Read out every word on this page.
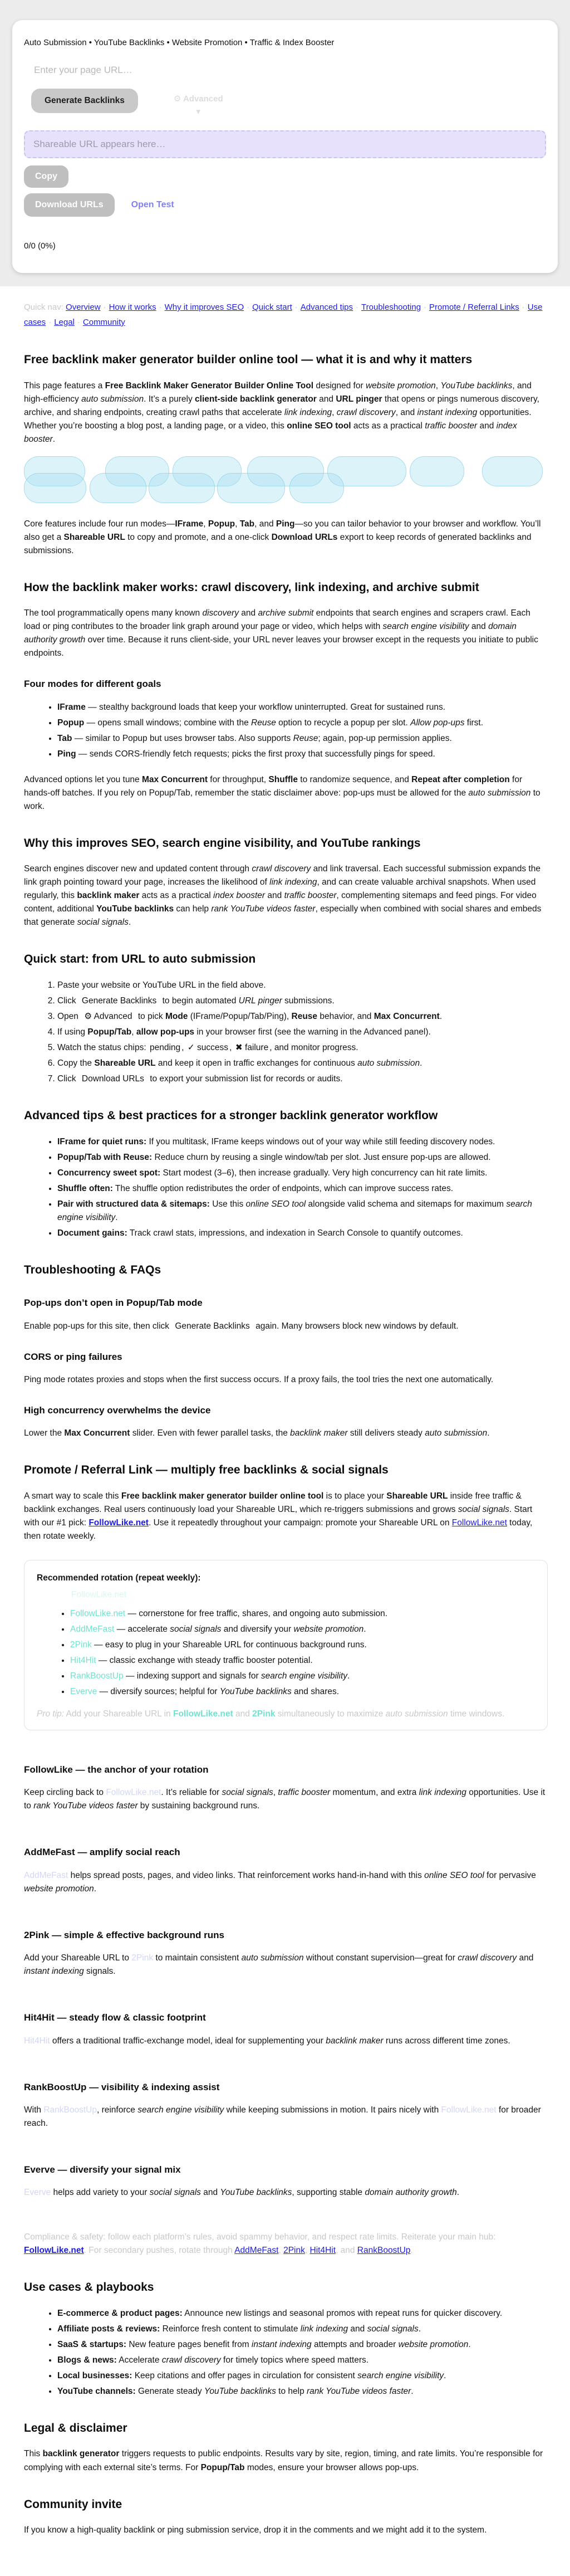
Auto Submission • YouTube Backlinks • Website Promotion • Traffic & Index Booster

Enter your page URL…
Generate Backlinks	⚙ Advanced
▾
Shareable URL appears here…
Copy
Download URLs	Open Test
0/0 (0%)
Quick nav: Overview · How it works · Why it improves SEO · Quick start · Advanced tips · Troubleshooting · Promote / Referral Links · Use cases · Legal · Community
Free backlink maker generator builder online tool — what it is and why it matters

This page features a Free Backlink Maker Generator Builder Online Tool designed for website promotion, YouTube backlinks, and high-efficiency auto submission. It’s a purely client-side backlink generator and URL pinger that opens or pings numerous discovery, archive, and sharing endpoints, creating crawl paths that accelerate link indexing, crawl discovery, and instant indexing opportunities. Whether you’re boosting a blog post, a landing page, or a video, this online SEO tool acts as a practical traffic booster and index booster.

Core features include four run modes—IFrame, Popup, Tab, and Ping—so you can tailor behavior to your browser and workflow. You’ll also get a Shareable URL to copy and promote, and a one-click Download URLs export to keep records of generated backlinks and submissions.

How the backlink maker works: crawl discovery, link indexing, and archive submit

The tool programmatically opens many known discovery and archive submit endpoints that search engines and scrapers crawl. Each load or ping contributes to the broader link graph around your page or video, which helps with search engine visibility and domain authority growth over time. Because it runs client-side, your URL never leaves your browser except in the requests you initiate to public endpoints.

Four modes for different goals
• IFrame — stealthy background loads that keep your workflow uninterrupted. Great for sustained runs.
• Popup — opens small windows; combine with the Reuse option to recycle a popup per slot. Allow pop-ups first.
• Tab — similar to Popup but uses browser tabs. Also supports Reuse; again, pop-up permission applies.
• Ping — sends CORS-friendly fetch requests; picks the first proxy that successfully pings for speed.

Advanced options let you tune Max Concurrent for throughput, Shuffle to randomize sequence, and Repeat after completion for hands-off batches. If you rely on Popup/Tab, remember the static disclaimer above: pop-ups must be allowed for the auto submission to work.

Why this improves SEO, search engine visibility, and YouTube rankings

Search engines discover new and updated content through crawl discovery and link traversal. Each successful submission expands the link graph pointing toward your page, increases the likelihood of link indexing, and can create valuable archival snapshots. When used regularly, this backlink maker acts as a practical index booster and traffic booster, complementing sitemaps and feed pings. For video content, additional YouTube backlinks can help rank YouTube videos faster, especially when combined with social shares and embeds that generate social signals.

Quick start: from URL to auto submission
1. Paste your website or YouTube URL in the field above.
2. Click Generate Backlinks to begin automated URL pinger submissions.
3. Open ⚙ Advanced to pick Mode (IFrame/Popup/Tab/Ping), Reuse behavior, and Max Concurrent.
4. If using Popup/Tab, allow pop-ups in your browser first (see the warning in the Advanced panel).
5. Watch the status chips: pending , ✓ success , ✖ failure , and monitor progress.
6. Copy the Shareable URL and keep it open in traffic exchanges for continuous auto submission.
7. Click Download URLs to export your submission list for records or audits.
Advanced tips & best practices for a stronger backlink generator workflow
• IFrame for quiet runs: If you multitask, IFrame keeps windows out of your way while still feeding discovery nodes.
• Popup/Tab with Reuse: Reduce churn by reusing a single window/tab per slot. Just ensure pop-ups are allowed.
• Concurrency sweet spot: Start modest (3–6), then increase gradually. Very high concurrency can hit rate limits.
• Shuffle often: The shuffle option redistributes the order of endpoints, which can improve success rates.
• Pair with structured data & sitemaps: Use this online SEO tool alongside valid schema and sitemaps for maximum search engine visibility.
• Document gains: Track crawl stats, impressions, and indexation in Search Console to quantify outcomes.
Troubleshooting & FAQs
Pop-ups don’t open in Popup/Tab mode

Enable pop-ups for this site, then click Generate Backlinks again. Many browsers block new windows by default.

CORS or ping failures

Ping mode rotates proxies and stops when the first success occurs. If a proxy fails, the tool tries the next one automatically.

High concurrency overwhelms the device

Lower the Max Concurrent slider. Even with fewer parallel tasks, the backlink maker still delivers steady auto submission.

Promote / Referral Link — multiply free backlinks & social signals

A smart way to scale this Free backlink maker generator builder online tool is to place your Shareable URL inside free traffic & backlink exchanges. Real users continuously load your Shareable URL, which re-triggers submissions and grows social signals. Start with our #1 pick: FollowLike.net. Use it repeatedly throughout your campaign: promote your Shareable URL on FollowLike.net today, then rotate weekly.

Recommended rotation (repeat weekly):

FollowLike.net
• FollowLike.net — cornerstone for free traffic, shares, and ongoing auto submission.
• AddMeFast — accelerate social signals and diversify your website promotion.
• 2Pink — easy to plug in your Shareable URL for continuous background runs.
• Hit4Hit — classic exchange with steady traffic booster potential.
• RankBoostUp — indexing support and signals for search engine visibility.
• Everve — diversify sources; helpful for YouTube backlinks and shares.

Pro tip: Add your Shareable URL in FollowLike.net and 2Pink simultaneously to maximize auto submission time windows.

FollowLike — the anchor of your rotation

Keep circling back to FollowLike.net. It’s reliable for social signals, traffic booster momentum, and extra link indexing opportunities. Use it to rank YouTube videos faster by sustaining background runs.

AddMeFast — amplify social reach

AddMeFast helps spread posts, pages, and video links. That reinforcement works hand-in-hand with this online SEO tool for pervasive website promotion.

2Pink — simple & effective background runs

Add your Shareable URL to 2Pink to maintain consistent auto submission without constant supervision—great for crawl discovery and instant indexing signals.

Hit4Hit — steady flow & classic footprint

Hit4Hit offers a traditional traffic-exchange model, ideal for supplementing your backlink maker runs across different time zones.

RankBoostUp — visibility & indexing assist

With RankBoostUp, reinforce search engine visibility while keeping submissions in motion. It pairs nicely with FollowLike.net for broader reach.

Everve — diversify your signal mix

Everve helps add variety to your social signals and YouTube backlinks, supporting stable domain authority growth.

Compliance & safety: follow each platform’s rules, avoid spammy behavior, and respect rate limits. Reiterate your main hub: FollowLike.net. For secondary pushes, rotate through AddMeFast, 2Pink, Hit4Hit, and RankBoostUp.

Use cases & playbooks
• E-commerce & product pages: Announce new listings and seasonal promos with repeat runs for quicker discovery.
• Affiliate posts & reviews: Reinforce fresh content to stimulate link indexing and social signals.
• SaaS & startups: New feature pages benefit from instant indexing attempts and broader website promotion.
• Blogs & news: Accelerate crawl discovery for timely topics where speed matters.
• Local businesses: Keep citations and offer pages in circulation for consistent search engine visibility.
• YouTube channels: Generate steady YouTube backlinks to help rank YouTube videos faster.
Legal & disclaimer

This backlink generator triggers requests to public endpoints. Results vary by site, region, timing, and rate limits. You’re responsible for complying with each external site’s terms. For Popup/Tab modes, ensure your browser allows pop-ups.

Community invite

If you know a high-quality backlink or ping submission service, drop it in the comments and we might add it to the system.
